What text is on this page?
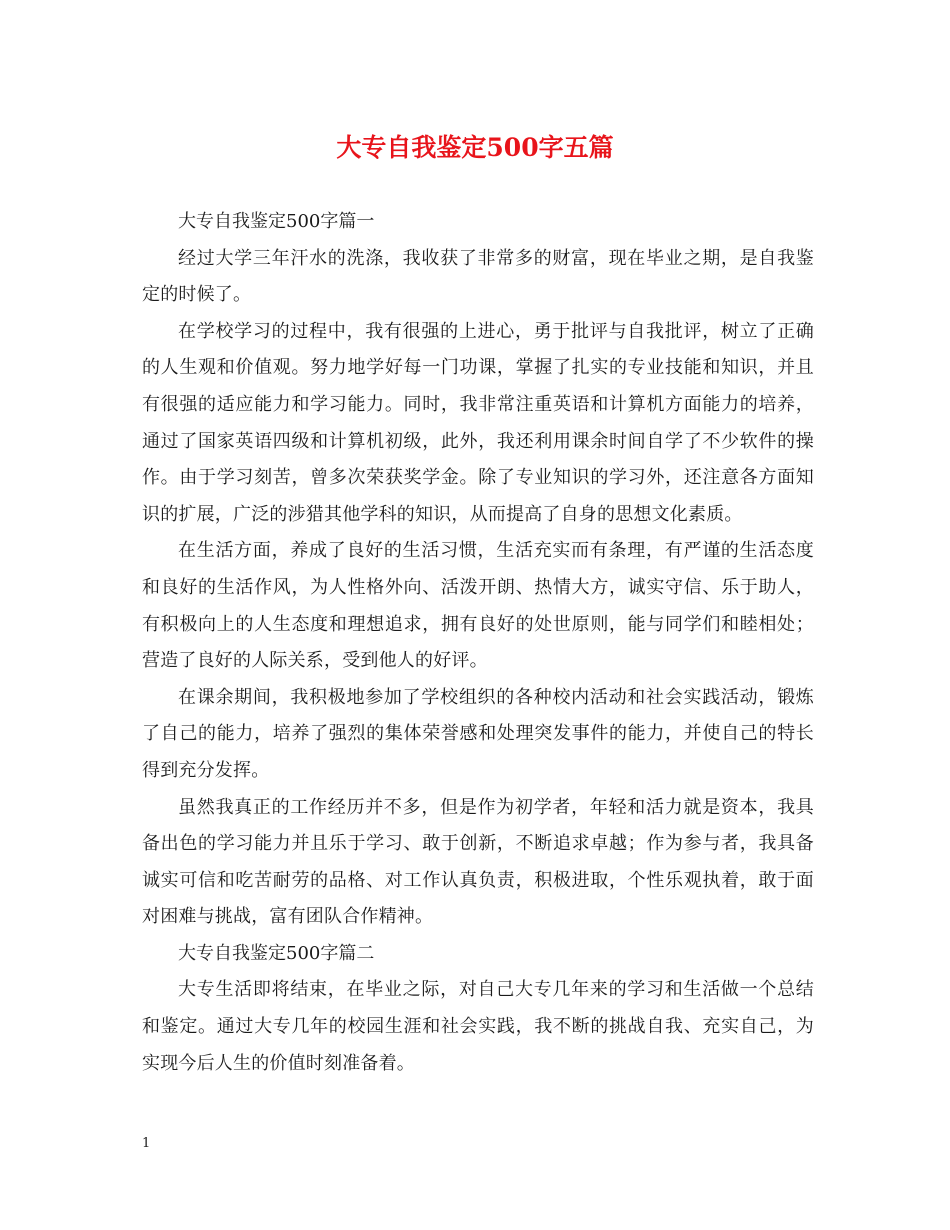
大专自我鉴定500字五篇

大专自我鉴定500字篇一

经过大学三年汗水的洗涤，我收获了非常多的财富，现在毕业之期，是自我鉴定的时候了。

在学校学习的过程中，我有很强的上进心，勇于批评与自我批评，树立了正确的人生观和价值观。努力地学好每一门功课，掌握了扎实的专业技能和知识，并且有很强的适应能力和学习能力。同时，我非常注重英语和计算机方面能力的培养，通过了国家英语四级和计算机初级，此外，我还利用课余时间自学了不少软件的操作。由于学习刻苦，曾多次荣获奖学金。除了专业知识的学习外，还注意各方面知识的扩展，广泛的涉猎其他学科的知识，从而提高了自身的思想文化素质。

在生活方面，养成了良好的生活习惯，生活充实而有条理，有严谨的生活态度和良好的生活作风，为人性格外向、活泼开朗、热情大方，诚实守信、乐于助人，有积极向上的人生态度和理想追求，拥有良好的处世原则，能与同学们和睦相处；营造了良好的人际关系，受到他人的好评。

在课余期间，我积极地参加了学校组织的各种校内活动和社会实践活动，锻炼了自己的能力，培养了强烈的集体荣誉感和处理突发事件的能力，并使自己的特长得到充分发挥。

虽然我真正的工作经历并不多，但是作为初学者，年轻和活力就是资本，我具备出色的学习能力并且乐于学习、敢于创新，不断追求卓越；作为参与者，我具备诚实可信和吃苦耐劳的品格、对工作认真负责，积极进取，个性乐观执着，敢于面对困难与挑战，富有团队合作精神。

大专自我鉴定500字篇二

大专生活即将结束，在毕业之际，对自己大专几年来的学习和生活做一个总结和鉴定。通过大专几年的校园生涯和社会实践，我不断的挑战自我、充实自己，为实现今后人生的价值时刻准备着。

1
